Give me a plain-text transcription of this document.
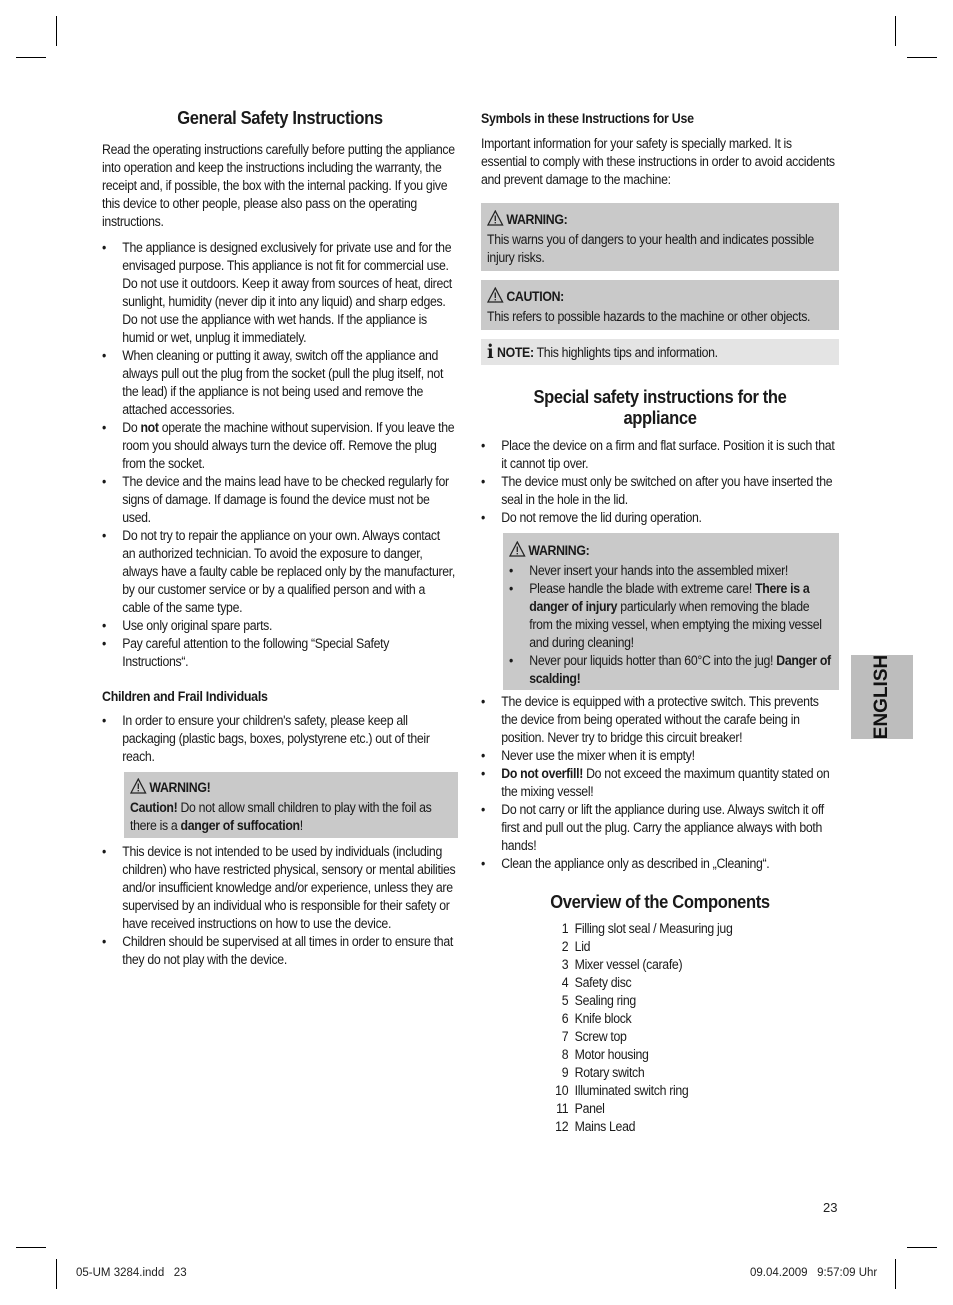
General Safety Instructions

Read the operating instructions carefully before putting the appliance into operation and keep the instructions including the warranty, the receipt and, if possible, the box with the internal packing. If you give this device to other people, please also pass on the operating instructions.

• The appliance is designed exclusively for private use and for the envisaged purpose. This appliance is not fit for commercial use. Do not use it outdoors. Keep it away from sources of heat, direct sunlight, humidity (never dip it into any liquid) and sharp edges. Do not use the appliance with wet hands. If the appliance is humid or wet, unplug it immediately.
• When cleaning or putting it away, switch off the appliance and always pull out the plug from the socket (pull the plug itself, not the lead) if the appliance is not being used and remove the attached accessories.
• Do not operate the machine without supervision. If you leave the room you should always turn the device off. Remove the plug from the socket.
• The device and the mains lead have to be checked regularly for signs of damage. If damage is found the device must not be used.
• Do not try to repair the appliance on your own. Always contact an authorized technician. To avoid the exposure to danger, always have a faulty cable be replaced only by the manufacturer, by our customer service or by a qualified person and with a cable of the same type.
• Use only original spare parts.
• Pay careful attention to the following “Special Safety Instructions“.
Children and Frail Individuals
• In order to ensure your children's safety, please keep all packaging (plastic bags, boxes, polystyrene etc.) out of their reach.
WARNING!

Caution! Do not allow small children to play with the foil as there is a danger of suffocation!

• This device is not intended to be used by individuals (including children) who have restricted physical, sensory or mental abilities and/or insufficient knowledge and/or experience, unless they are supervised by an individual who is responsible for their safety or have received instructions on how to use the device.
• Children should be supervised at all times in order to ensure that they do not play with the device.
Symbols in these Instructions for Use

Important information for your safety is specially marked. It is essential to comply with these instructions in order to avoid accidents and prevent damage to the machine:

WARNING:

This warns you of dangers to your health and indicates possible injury risks.

CAUTION:

This refers to possible hazards to the machine or other objects.

i NOTE: This highlights tips and information.
Special safety instructions for the appliance
• Place the device on a firm and flat surface. Position it is such that it cannot tip over.
• The device must only be switched on after you have inserted the seal in the hole in the lid.
• Do not remove the lid during operation.
WARNING:
• Never insert your hands into the assembled mixer!
• Please handle the blade with extreme care! There is a danger of injury particularly when removing the blade from the mixing vessel, when emptying the mixing vessel and during cleaning!
• Never pour liquids hotter than 60°C into the jug! Danger of scalding!
• The device is equipped with a protective switch. This prevents the device from being operated without the carafe being in position. Never try to bridge this circuit breaker!
• Never use the mixer when it is empty!
• Do not overfill! Do not exceed the maximum quantity stated on the mixing vessel!
• Do not carry or lift the appliance during use. Always switch it off first and pull out the plug. Carry the appliance always with both hands!
• Clean the appliance only as described in „Cleaning“.
Overview of the Components
1 Filling slot seal / Measuring jug
2 Lid
3 Mixer vessel (carafe)
4 Safety disc
5 Sealing ring
6 Knife block
7 Screw top
8 Motor housing
9 Rotary switch
10 Illuminated switch ring
11 Panel
12 Mains Lead
ENGLISH
23
05-UM 3284.indd   23	09.04.2009   9:57:09 Uhr
